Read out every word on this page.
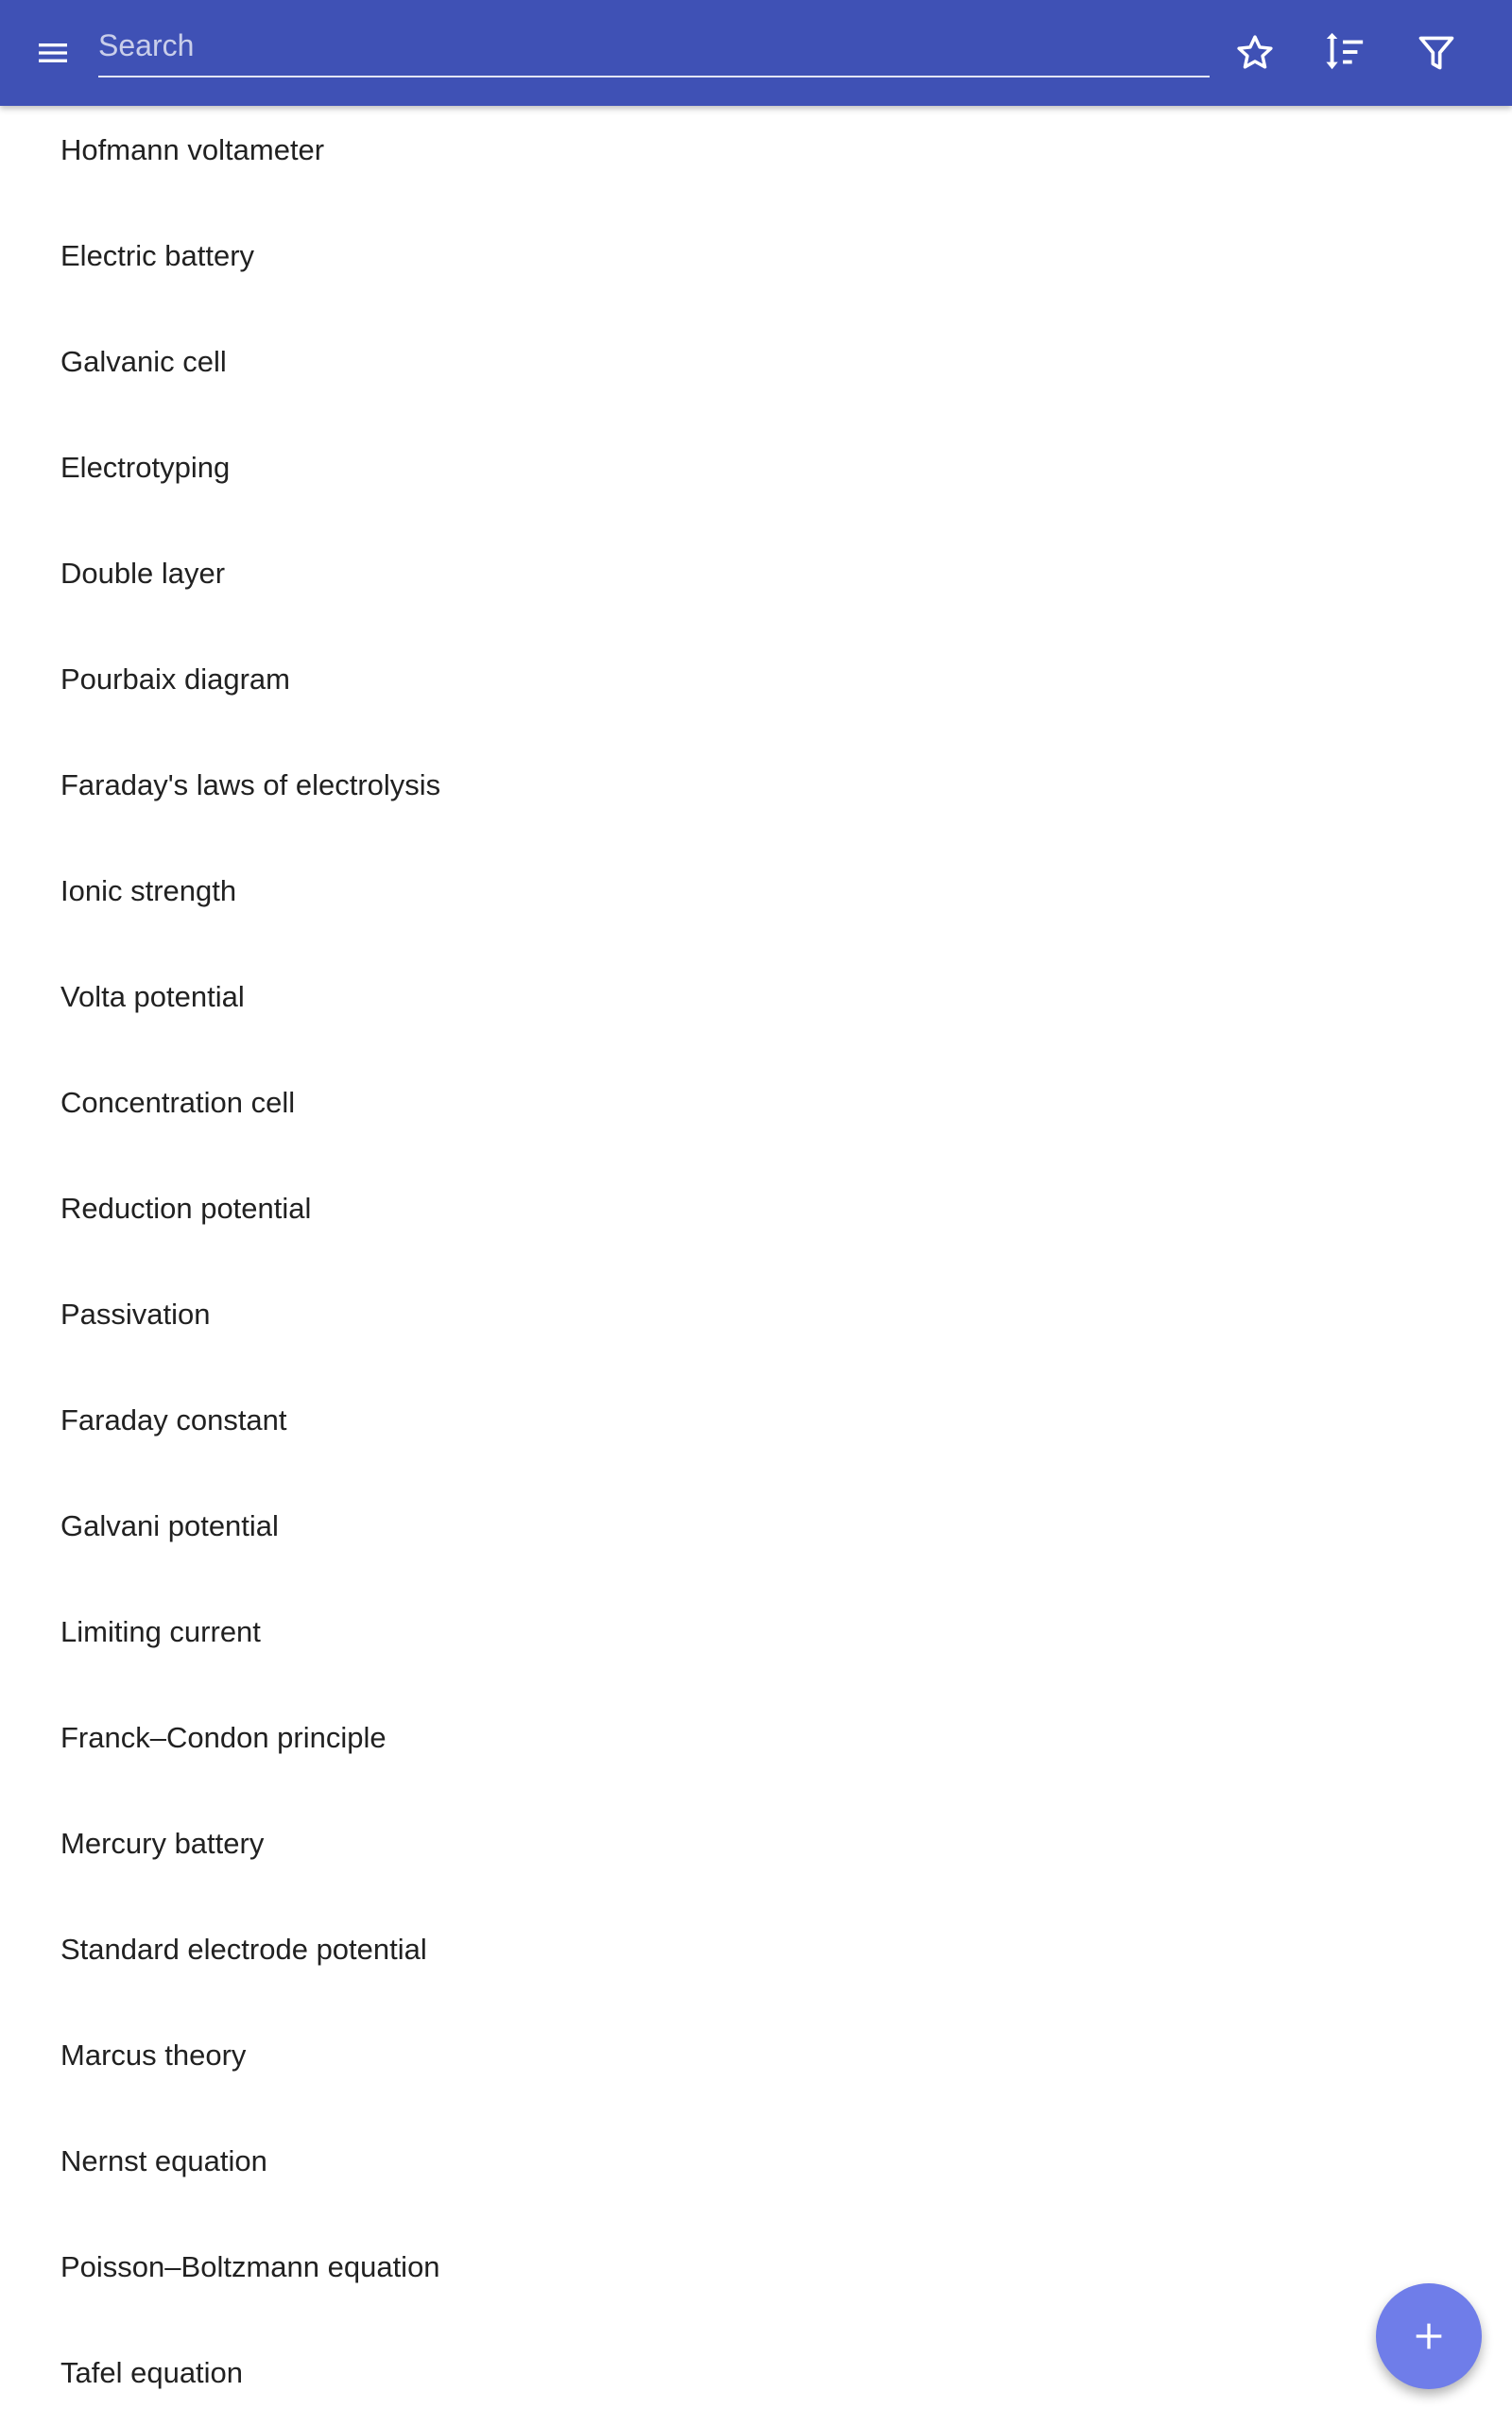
Search
Hofmann voltameter
Electric battery
Galvanic cell
Electrotyping
Double layer
Pourbaix diagram
Faraday's laws of electrolysis
Ionic strength
Volta potential
Concentration cell
Reduction potential
Passivation
Faraday constant
Galvani potential
Limiting current
Franck–Condon principle
Mercury battery
Standard electrode potential
Marcus theory
Nernst equation
Poisson–Boltzmann equation
Tafel equation
